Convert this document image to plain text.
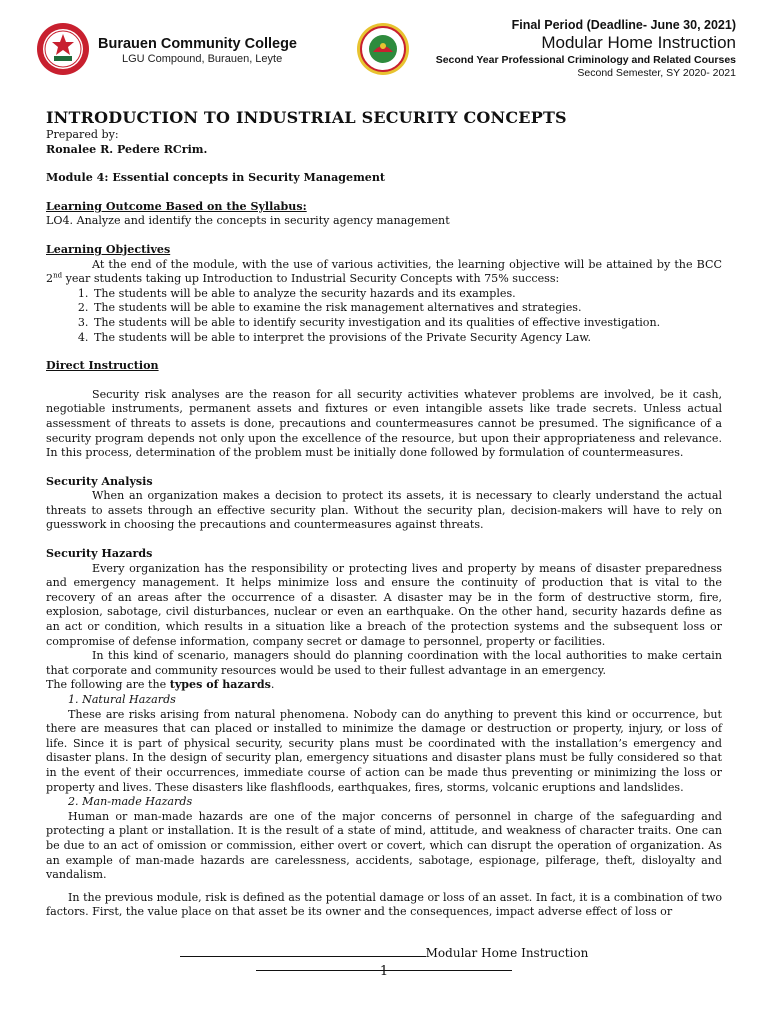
Burauen Community College
LGU Compound, Burauen, Leyte
Final Period (Deadline- June 30, 2021)
Modular Home Instruction
Second Year Professional Criminology and Related Courses
Second Semester, SY 2020- 2021
INTRODUCTION TO INDUSTRIAL SECURITY CONCEPTS

Prepared by:

Ronalee R. Pedere RCrim.

Module 4: Essential concepts in Security Management

Learning Outcome Based on the Syllabus:

LO4. Analyze and identify the concepts in security agency management

Learning Objectives

At the end of the module, with the use of various activities, the learning objective will be attained by the BCC 2nd year students taking up Introduction to Industrial Security Concepts with 75% success:

1. The students will be able to analyze the security hazards and its examples.
2. The students will be able to examine the risk management alternatives and strategies.
3. The students will be able to identify security investigation and its qualities of effective investigation.
4. The students will be able to interpret the provisions of the Private Security Agency Law.

Direct Instruction

Security risk analyses are the reason for all security activities whatever problems are involved, be it cash, negotiable instruments, permanent assets and fixtures or even intangible assets like trade secrets. Unless actual assessment of threats to assets is done, precautions and countermeasures cannot be presumed. The significance of a security program depends not only upon the excellence of the resource, but upon their appropriateness and relevance. In this process, determination of the problem must be initially done followed by formulation of countermeasures.

Security Analysis

When an organization makes a decision to protect its assets, it is necessary to clearly understand the actual threats to assets through an effective security plan. Without the security plan, decision-makers will have to rely on guesswork in choosing the precautions and countermeasures against threats.

Security Hazards

Every organization has the responsibility or protecting lives and property by means of disaster preparedness and emergency management. It helps minimize loss and ensure the continuity of production that is vital to the recovery of an areas after the occurrence of a disaster. A disaster may be in the form of destructive storm, fire, explosion, sabotage, civil disturbances, nuclear or even an earthquake. On the other hand, security hazards define as an act or condition, which results in a situation like a breach of the protection systems and the subsequent loss or compromise of defense information, company secret or damage to personnel, property or facilities.

In this kind of scenario, managers should do planning coordination with the local authorities to make certain that corporate and community resources would be used to their fullest advantage in an emergency.

The following are the types of hazards.

1. Natural Hazards

These are risks arising from natural phenomena. Nobody can do anything to prevent this kind or occurrence, but there are measures that can placed or installed to minimize the damage or destruction or property, injury, or loss of life. Since it is part of physical security, security plans must be coordinated with the installation’s emergency and disaster plans. In the design of security plan, emergency situations and disaster plans must be fully considered so that in the event of their occurrences, immediate course of action can be made thus preventing or minimizing the loss or property and lives. These disasters like flashfloods, earthquakes, fires, storms, volcanic eruptions and landslides.

2. Man-made Hazards

Human or man-made hazards are one of the major concerns of personnel in charge of the safeguarding and protecting a plant or installation. It is the result of a state of mind, attitude, and weakness of character traits. One can be due to an act of omission or commission, either overt or covert, which can disrupt the operation of organization. As an example of man-made hazards are carelessness, accidents, sabotage, espionage, pilferage, theft, disloyalty and vandalism.

In the previous module, risk is defined as the potential damage or loss of an asset. In fact, it is a combination of two factors. First, the value place on that asset be its owner and the consequences, impact adverse effect of loss or

Modular Home Instruction
1
